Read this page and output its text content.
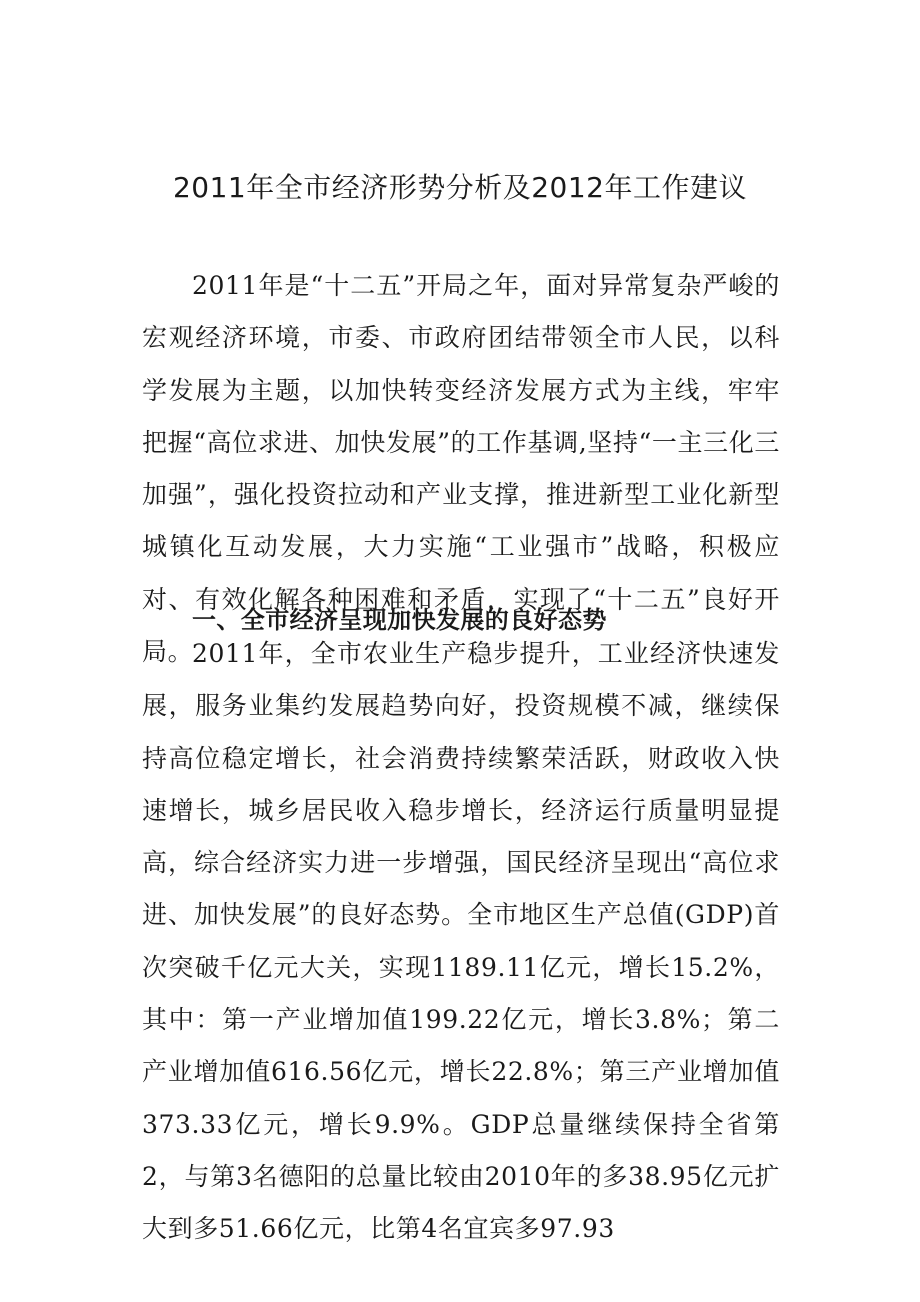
2011年全市经济形势分析及2012年工作建议

2011年是“十二五”开局之年，面对异常复杂严峻的宏观经济环境，市委、市政府团结带领全市人民，以科学发展为主题，以加快转变经济发展方式为主线，牢牢把握“高位求进、加快发展”的工作基调,坚持“一主三化三加强”，强化投资拉动和产业支撑，推进新型工业化新型城镇化互动发展，大力实施“工业强市”战略，积极应对、有效化解各种困难和矛盾，实现了“十二五”良好开局。

一、全市经济呈现加快发展的良好态势

2011年，全市农业生产稳步提升，工业经济快速发展，服务业集约发展趋势向好，投资规模不减，继续保持高位稳定增长，社会消费持续繁荣活跃，财政收入快速增长，城乡居民收入稳步增长，经济运行质量明显提高，综合经济实力进一步增强，国民经济呈现出“高位求进、加快发展”的良好态势。全市地区生产总值(GDP)首次突破千亿元大关，实现1189.11亿元，增长15.2%，其中：第一产业增加值199.22亿元，增长3.8%；第二产业增加值616.56亿元，增长22.8%；第三产业增加值373.33亿元，增长9.9%。GDP总量继续保持全省第2，与第3名德阳的总量比较由2010年的多38.95亿元扩大到多51.66亿元，比第4名宜宾多97.93
